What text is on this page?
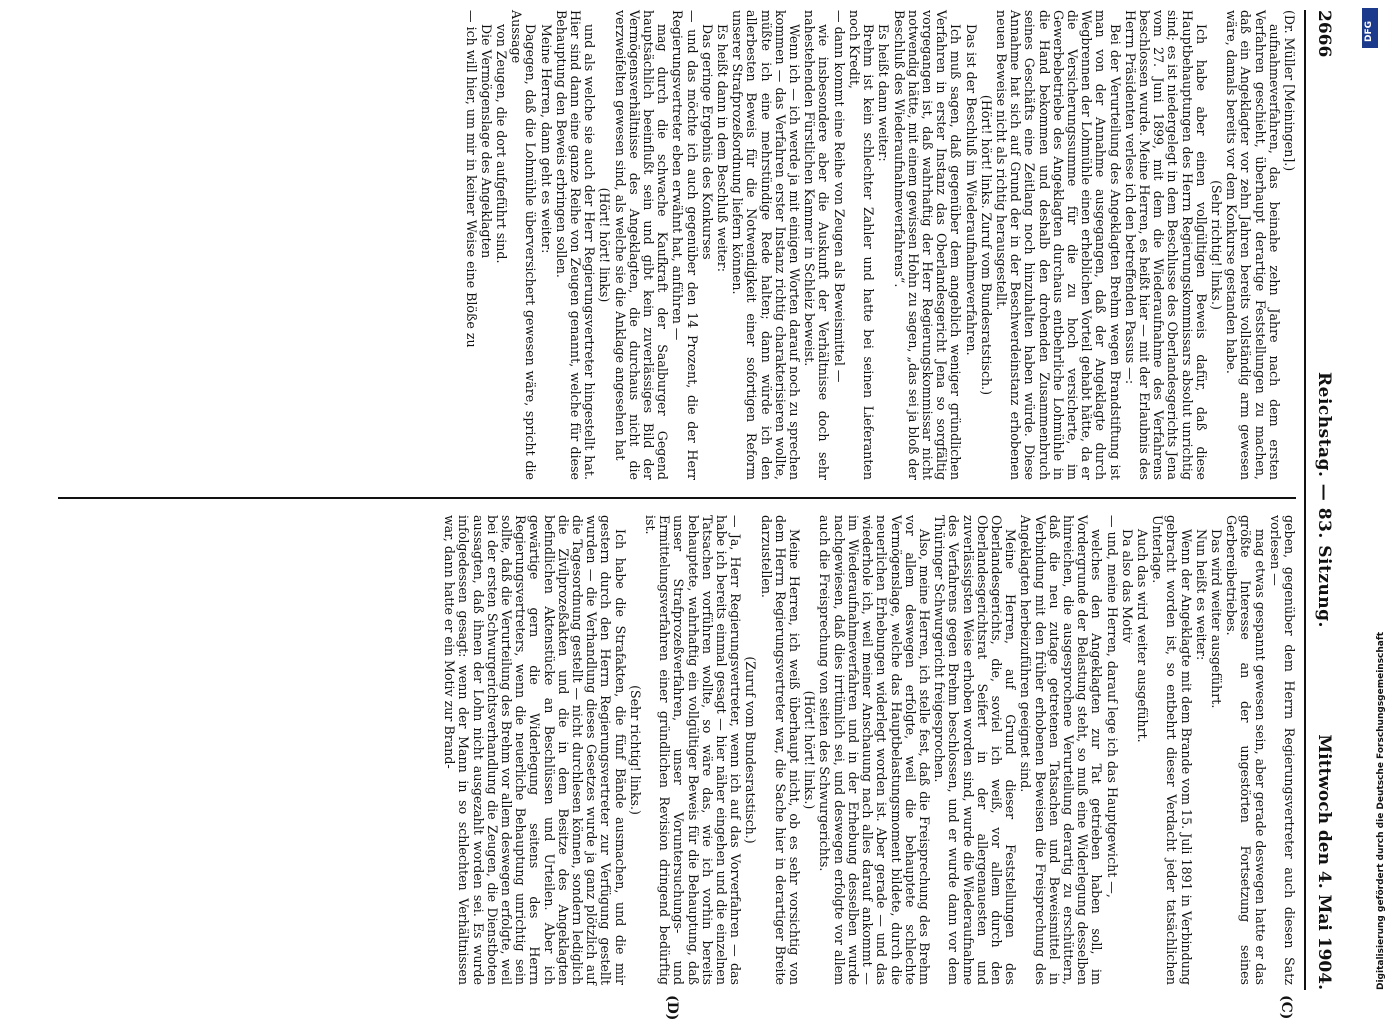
2666
Reichstag. — 83. Sitzung.
Mittwoch den 4. Mai 1904.

(Dr. Müller [Meiningen].)

aufnahmeverfahren, das beinahe zehn Jahre nach dem ersten Verfahren geschieht, überhaupt derartige Feststellungen zu machen, daß ein Angeklagter vor zehn Jahren bereits vollständig arm gewesen wäre, damals bereits vor dem Konkurse gestanden habe.

(Sehr richtig! links.)

Ich habe aber einen vollgültigen Beweis dafür, daß diese Hauptbehauptungen des Herrn Regierungskommissars absolut unrichtig sind; es ist niedergelegt in dem Beschlusse des Oberlandesgerichts Jena vom 27. Juni 1899, mit dem die Wiederaufnahme des Verfahrens beschlossen wurde. Meine Herren, es heißt hier — mit der Erlaubnis des Herrn Präsidenten verlese ich den betreffenden Passus —:

Bei der Verurteilung des Angeklagten Brehm wegen Brandstiftung ist man von der Annahme ausgegangen, daß der Angeklagte durch Wegbrennen der Lohmühle einen erheblichen Vorteil gehabt hätte, da er die Versicherungssumme für die zu hoch versicherte, im Gewerbebetriebe des Angeklagten durchaus entbehrliche Lohmühle in die Hand bekommen und deshalb den drohenden Zusammenbruch seines Geschäfts eine Zeitlang noch hinzuhalten haben würde. Diese Annahme hat sich auf Grund der in der Beschwerdeinstanz erhobenen neuen Beweise nicht als richtig herausgestellt.

(Hört! hört! links. Zuruf vom Bundesratstisch.)

Das ist der Beschluß im Wiederaufnahmeverfahren.

Ich muß sagen, daß gegenüber dem angeblich weniger gründlichen Verfahren in erster Instanz das Oberlandesgericht Jena so sorgfältig vorgegangen ist, daß wahrhaftig der Herr Regierungskommissar nicht notwendig hätte, mit einem gewissen Hohn zu sagen, „das sei ja bloß der Beschluß des Wiederaufnahmeverfahrens“.

Es heißt dann weiter:

Brehm ist kein schlechter Zahler und hatte bei seinen Lieferanten noch Kredit,

— dann kommt eine Reihe von Zeugen als Beweismittel —

wie insbesondere aber die Auskunft der Verhältnisse doch sehr nahestehenden Fürstlichen Kammer in Schleiz beweist.

Wenn ich — ich werde ja mit einigen Worten darauf noch zu sprechen kommen — das Verfahren erster Instanz richtig charakterisieren wollte, müßte ich eine mehrstündige Rede halten; dann würde ich den allerbesten Beweis für die Notwendigkeit einer sofortigen Reform unserer Strafprozeßordnung liefern können.

Es heißt dann in dem Beschluß weiter:

Das geringe Ergebnis des Konkurses

— und das möchte ich auch gegenüber den 14 Prozent, die der Herr Regierungsvertreter eben erwähnt hat, anführen —

mag durch die schwache Kaufkraft der Saalburger Gegend hauptsächlich beeinflußt sein und gibt kein zuverlässiges Bild der Vermögensverhältnisse des Angeklagten, die durchaus nicht die verzweifelten gewesen sind, als welche sie die Anklage angesehen hat

(Hört! hört! links)

und als welche sie auch der Herr Regierungsvertreter hingestellt hat. Hier sind dann eine ganze Reihe von Zeugen genannt, welche für diese Behauptung den Beweis erbringen sollen.

Meine Herren, dann geht es weiter:

Dagegen, daß die Lohmühle überversichert gewesen wäre, spricht die Aussage

von Zeugen, die dort aufgeführt sind.

Die Vermögenslage des Angeklagten

— ich will hier, um mir in keiner Weise eine Blöße zu

geben, gegenüber dem Herrn Regierungsvertreter auch diesen Satz vorlesen —

mag etwas gespannt gewesen sein, aber gerade deswegen hatte er das größte Interesse an der ungestörten Fortsetzung seines Gerbereibetriebes.

Das wird weiter ausgeführt.

Nun heißt es weiter:

Wenn der Angeklagte mit dem Brande vom 15. Juli 1891 in Verbindung gebracht worden ist, so entbehrt dieser Verdacht jeder tatsächlichen Unterlage.

Auch das wird weiter ausgeführt.

Da also das Motiv

— und, meine Herren, darauf lege ich das Hauptgewicht —,

welches den Angeklagten zur Tat getrieben haben soll, im Vordergrunde der Belastung steht, so muß eine Widerlegung desselben hinreichen, die ausgesprochene Verurteilung derartig zu erschüttern, daß die neu zutage getretenen Tatsachen und Beweismittel in Verbindung mit den früher erhobenen Beweisen die Freisprechung des Angeklagten herbeizuführen geeignet sind.

Meine Herren, auf Grund dieser Feststellungen des Oberlandesgerichts, die, soviel ich weiß, vor allem durch den Oberlandesgerichtsrat Seifert in der allergenauesten und zuverlässigsten Weise erhoben worden sind, wurde die Wiederaufnahme des Verfahrens gegen Brehm beschlossen, und er wurde dann vor dem Thüringer Schwurgericht freigesprochen.

Also, meine Herren, ich stelle fest, daß die Freisprechung des Brehm vor allem deswegen erfolgte, weil die behauptete schlechte Vermögenslage, welche das Hauptbelastungsmoment bildete, durch die neuerlichen Erhebungen widerlegt worden ist. Aber gerade — und das wiederhole ich, weil meiner Anschauung nach alles darauf ankommt — im Wiederaufnahmeverfahren und in der Erhebung desselben wurde nachgewiesen, daß dies irrtümlich sei, und deswegen erfolgte vor allem auch die Freisprechung von seiten des Schwurgerichts.

(Hört! hört! links.)

Meine Herren, ich weiß überhaupt nicht, ob es sehr vorsichtig von dem Herrn Regierungsvertreter war, die Sache hier in derartiger Breite darzustellen.

(Zuruf vom Bundesratstisch.)

— Ja, Herr Regierungsvertreter, wenn ich auf das Vorverfahren — das habe ich bereits einmal gesagt — hier näher eingehen und die einzelnen Tatsachen vorführen wollte, so wäre das, wie ich vorhin bereits behauptete, wahrhaftig ein vollgültiger Beweis für die Behauptung, daß unser Strafprozeßverfahren, unser Voruntersuchungs- und Ermittelungsverfahren einer gründlichen Revision dringend bedürftig ist.

(Sehr richtig! links.)

Ich habe die Strafakten, die fünf Bände ausmachen, und die mir gestern durch den Herrn Regierungsvertreter zur Verfügung gestellt wurden — die Verhandlung dieses Gesetzes wurde ja ganz plötzlich auf die Tagesordnung gestellt — nicht durchlesen können, sondern lediglich die Zivilprozeßakten und die in dem Besitze des Angeklagten befindlichen Aktenstücke an Beschlüssen und Urteilen. Aber ich gewärtige gern die Widerlegung seitens des Herrn Regierungsvertreters, wenn die neuerliche Behauptung unrichtig sein sollte, daß die Verurteilung des Brehm vor allem deswegen erfolgte, weil bei der ersten Schwurgerichtsverhandlung die Zeugen, die Dienstboten aussagten, daß ihnen der Lohn nicht ausgezahlt worden sei. Es wurde infolgedessen gesagt: wenn der Mann in so schlechten Verhältnissen war, dann hatte er ein Motiv zur Brand-

(C)
(D)
DFG
Digitalisierung gefördert durch die Deutsche Forschungsgemeinschaft
